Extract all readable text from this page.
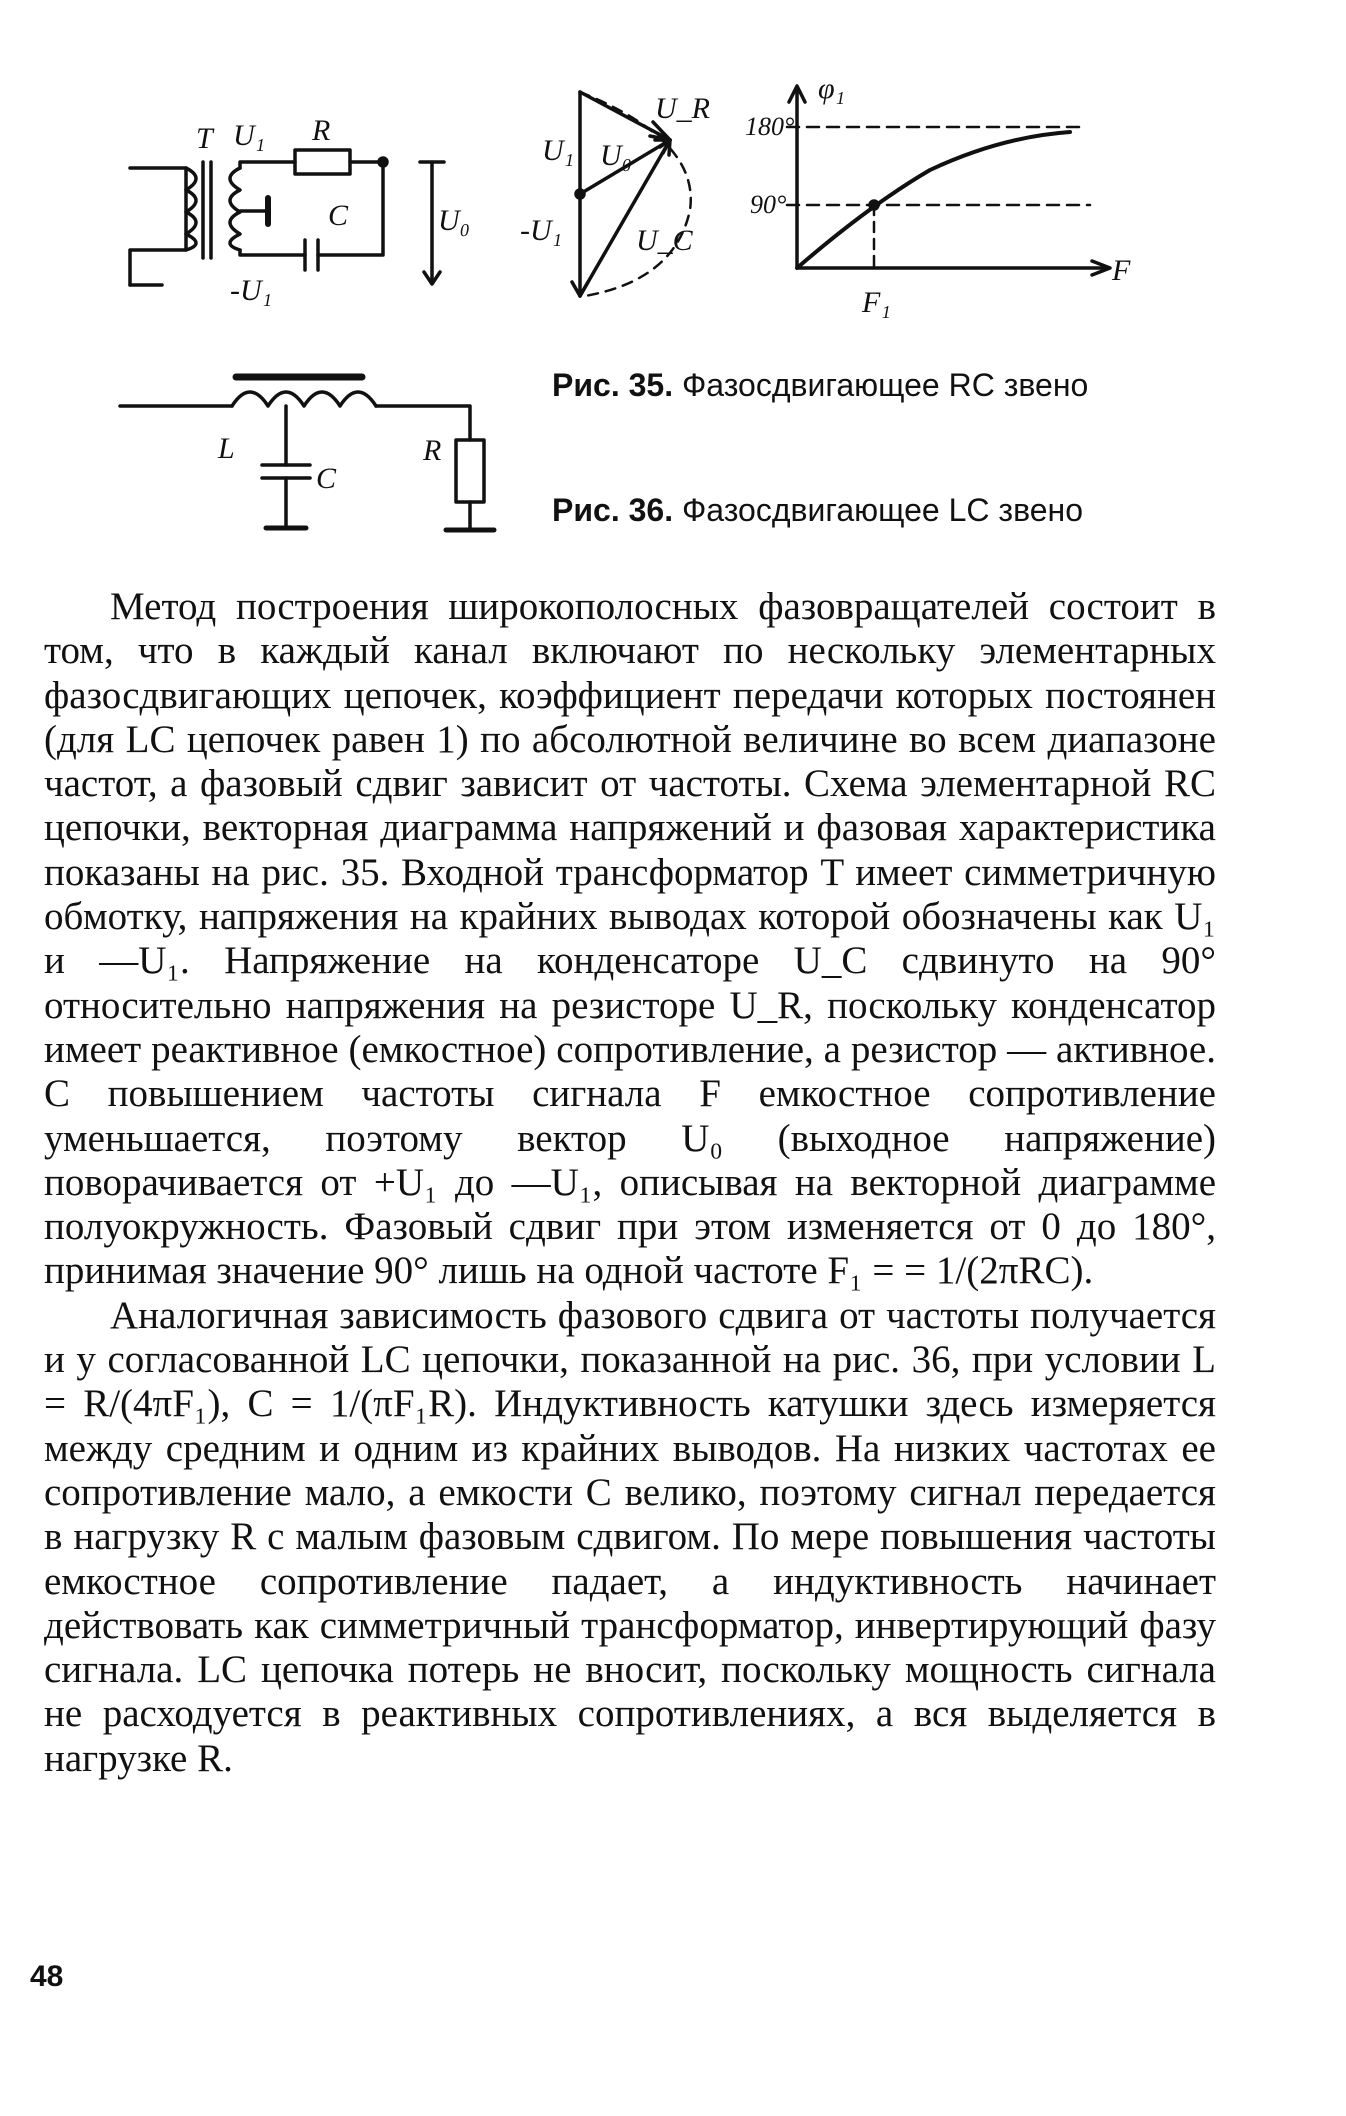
T U₁ R
C
-U₁
U₀
U_R
U₁ U₀
-U₁ U_C
φ₁
180°
90°
F
F₁
L
C
R
Рис. 35. Фазосдвигающее RC звено
Рис. 36. Фазосдвигающее LC звено

Метод построения широкополосных фазовращателей состоит в том, что в каждый канал включают по нескольку элементарных фазосдвигающих цепочек, коэффициент передачи которых постоянен (для LC цепочек равен 1) по абсолютной величине во всем диапазоне частот, а фазовый сдвиг зависит от частоты. Схема элементарной RC цепочки, векторная диаграмма напряжений и фазовая характеристика показаны на рис. 35. Входной трансформатор T имеет симметричную обмотку, напряжения на крайних выводах которой обозначены как U₁ и —U₁. Напряжение на конденсаторе U_C сдвинуто на 90° относительно напряжения на резисторе U_R, поскольку конденсатор имеет реактивное (емкостное) сопротивление, а резистор — активное. С повышением частоты сигнала F емкостное сопротивление уменьшается, поэтому вектор U₀ (выходное напряжение) поворачивается от +U₁ до —U₁, описывая на векторной диаграмме полуокружность. Фазовый сдвиг при этом изменяется от 0 до 180°, принимая значение 90° лишь на одной частоте F₁ = = 1/(2πRC).

Аналогичная зависимость фазового сдвига от частоты получается и у согласованной LC цепочки, показанной на рис. 36, при условии L = R/(4πF₁), C = 1/(πF₁R). Индуктивность катушки здесь измеряется между средним и одним из крайних выводов. На низких частотах ее сопротивление мало, а емкости C велико, поэтому сигнал передается в нагрузку R с малым фазовым сдвигом. По мере повышения частоты емкостное сопротивление падает, а индуктивность начинает действовать как симметричный трансформатор, инвертирующий фазу сигнала. LC цепочка потерь не вносит, поскольку мощность сигнала не расходуется в реактивных сопротивлениях, а вся выделяется в нагрузке R.

48
